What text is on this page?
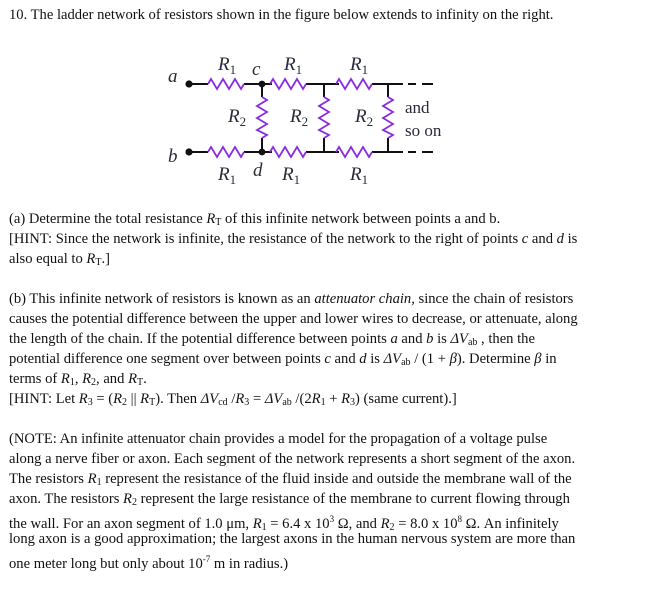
10. The ladder network of resistors shown in the figure below extends to infinity on the right.
a
b
c
d
$R_1$	$R_1$	$R_1$
$R_1$ $R_1$	$R_1$
$R_2$ $R_2$ $R_2$
and
so on
(a) Determine the total resistance $R_T$ of this infinite network between points a and b.
[HINT: Since the network is infinite, the resistance of the network to the right of points c and d is
also equal to $R_T$.]
(b) This infinite network of resistors is known as an attenuator chain, since the chain of resistors
causes the potential difference between the upper and lower wires to decrease, or attenuate, along
the length of the chain. If the potential difference between points a and b is $\Delta V_{ab}$ , then the
potential difference one segment over between points c and d is $\Delta V_{ab} / (1 + \beta)$. Determine β in
terms of $R_1$, $R_2$, and $R_T$.
[HINT: Let $R_3 = (R_2$ || $R_T$). Then $\Delta V_{cd}$ $/R_3 = \Delta V_{ab}$ $/(2R_1 + R_3)$ (same current).]
(NOTE: An infinite attenuator chain provides a model for the propagation of a voltage pulse
along a nerve fiber or axon. Each segment of the network represents a short segment of the axon.
The resistors $R_1$ represent the resistance of the fluid inside and outside the membrane wall of the
axon. The resistors $R_2$ represent the large resistance of the membrane to current flowing through
the wall. For an axon segment of 1.0 μm, $R_1 = 6.4$ x $10^3$ Ω, and $R_2 = 8.0$ x $10^8$ Ω. An infinitely
long axon is a good approximation; the largest axons in the human nervous system are more than
one meter long but only about $10^{-7}$ m in radius.)
